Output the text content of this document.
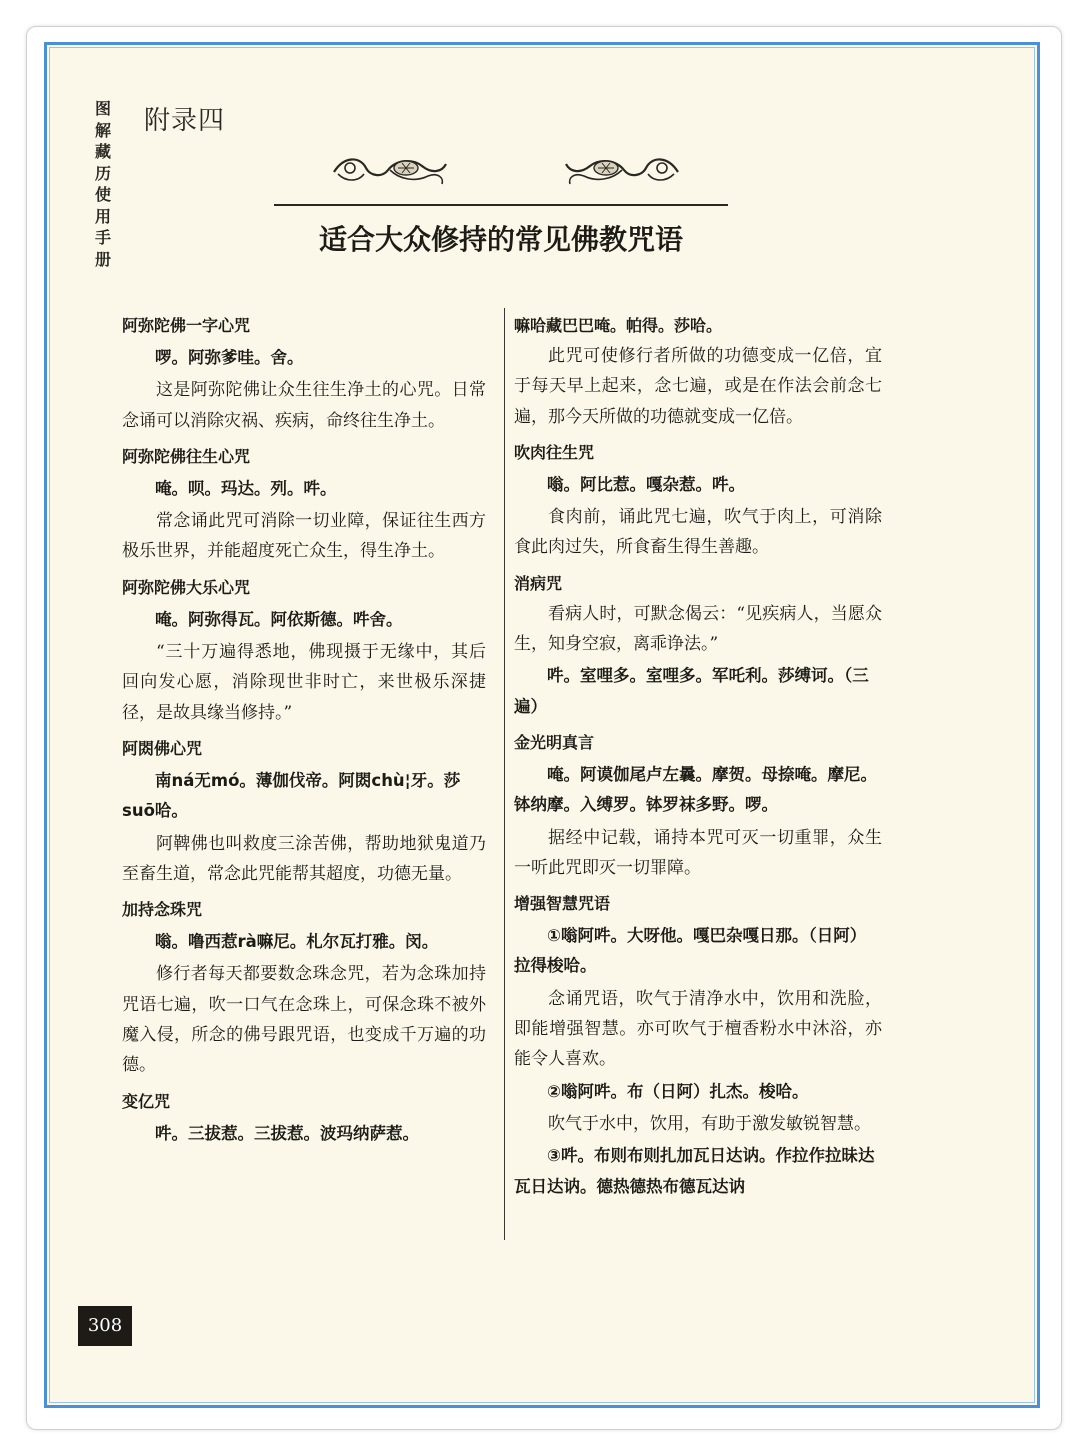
图解藏历使用手册
附录四
适合大众修持的常见佛教咒语
阿弥陀佛一字心咒
啰。阿弥爹哇。舍。

这是阿弥陀佛让众生往生净土的心咒。日常念诵可以消除灾祸、疾病，命终往生净土。

阿弥陀佛往生心咒
唵。呗。玛达。列。吽。

常念诵此咒可消除一切业障，保证往生西方极乐世界，并能超度死亡众生，得生净土。

阿弥陀佛大乐心咒
唵。阿弥得瓦。阿依斯德。吽舍。

“三十万遍得悉地，佛现摄于无缘中，其后回向发心愿，消除现世非时亡，来世极乐深捷径，是故具缘当修持。”

阿閦佛心咒
南ná无mó。薄伽伐帝。阿閦chù¦牙。莎suō哈。

阿鞞佛也叫救度三涂苦佛，帮助地狱鬼道乃至畜生道，常念此咒能帮其超度，功德无量。

加持念珠咒
嗡。噜西惹rà嘛尼。札尔瓦打雅。闵。

修行者每天都要数念珠念咒，若为念珠加持咒语七遍，吹一口气在念珠上，可保念珠不被外魔入侵，所念的佛号跟咒语，也变成千万遍的功德。

变亿咒
吽。三拔惹。三拔惹。波玛纳萨惹。
嘛哈藏巴巴唵。帕得。莎哈。

此咒可使修行者所做的功德变成一亿倍，宜于每天早上起来，念七遍，或是在作法会前念七遍，那今天所做的功德就变成一亿倍。

吹肉往生咒
嗡。阿比惹。嘎杂惹。吽。

食肉前，诵此咒七遍，吹气于肉上，可消除食此肉过失，所食畜生得生善趣。

消病咒

看病人时，可默念偈云：“见疾病人，当愿众生，知身空寂，离乖诤法。”

吽。室哩多。室哩多。军吒利。莎缚诃。（三遍）
金光明真言
唵。阿谟伽尾卢左曩。摩贺。母捺唵。摩尼。钵纳摩。入缚罗。钵罗袜多野。啰。

据经中记载，诵持本咒可灭一切重罪，众生一听此咒即灭一切罪障。

增强智慧咒语
①嗡阿吽。大呀他。嘎巴杂嘎日那。（日阿）拉得梭哈。

念诵咒语，吹气于清净水中，饮用和洗脸，即能增强智慧。亦可吹气于檀香粉水中沐浴，亦能令人喜欢。

②嗡阿吽。布（日阿）扎杰。梭哈。

吹气于水中，饮用，有助于激发敏锐智慧。

③吽。布则布则扎加瓦日达讷。作拉作拉昧达瓦日达讷。德热德热布德瓦达讷
308
